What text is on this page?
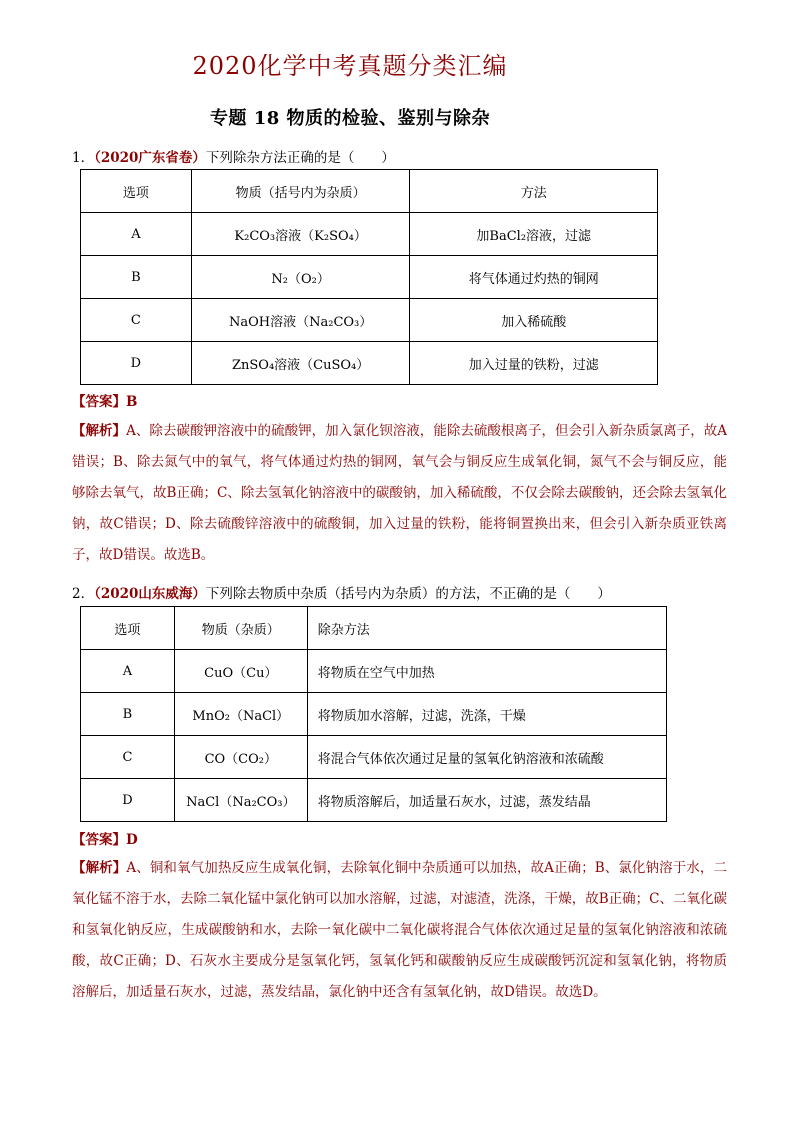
2020化学中考真题分类汇编
专题 18 物质的检验、鉴别与除杂
1．（2020广东省卷）下列除杂方法正确的是（　　）
选项	物质（括号内为杂质）	方法
A	K₂CO₃溶液（K₂SO₄）	加BaCl₂溶液，过滤
B	N₂（O₂）	将气体通过灼热的铜网
C	NaOH溶液（Na₂CO₃）	加入稀硫酸
D	ZnSO₄溶液（CuSO₄）	加入过量的铁粉，过滤
【答案】B
【解析】A、除去碳酸钾溶液中的硫酸钾，加入氯化钡溶液，能除去硫酸根离子，但会引入新杂质氯离子，故A错误；B、除去氮气中的氧气，将气体通过灼热的铜网，氧气会与铜反应生成氧化铜，氮气不会与铜反应，能够除去氧气，故B正确；C、除去氢氧化钠溶液中的碳酸钠，加入稀硫酸，不仅会除去碳酸钠，还会除去氢氧化钠，故C错误；D、除去硫酸锌溶液中的硫酸铜，加入过量的铁粉，能将铜置换出来，但会引入新杂质亚铁离子，故D错误。故选B。
2．（2020山东威海）下列除去物质中杂质（括号内为杂质）的方法，不正确的是（　　）
选项	物质（杂质）	除杂方法
A	CuO（Cu）	将物质在空气中加热
B	MnO₂（NaCl）	将物质加水溶解，过滤，洗涤，干燥
C	CO（CO₂）	将混合气体依次通过足量的氢氧化钠溶液和浓硫酸
D	NaCl（Na₂CO₃）	将物质溶解后，加适量石灰水，过滤，蒸发结晶
【答案】D
【解析】A、铜和氧气加热反应生成氧化铜，去除氧化铜中杂质通可以加热，故A正确；B、氯化钠溶于水，二氧化锰不溶于水，去除二氧化锰中氯化钠可以加水溶解，过滤，对滤渣，洗涤，干燥，故B正确；C、二氧化碳和氢氧化钠反应，生成碳酸钠和水，去除一氧化碳中二氧化碳将混合气体依次通过足量的氢氧化钠溶液和浓硫酸，故C正确；D、石灰水主要成分是氢氧化钙，氢氧化钙和碳酸钠反应生成碳酸钙沉淀和氢氧化钠，将物质溶解后，加适量石灰水，过滤，蒸发结晶，氯化钠中还含有氢氧化钠，故D错误。故选D。
